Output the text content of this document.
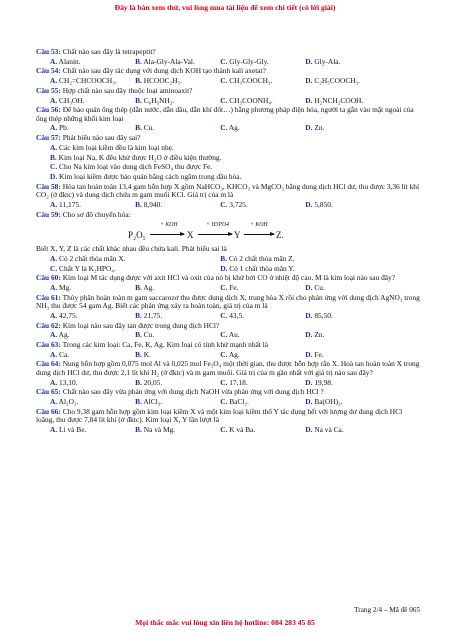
Đây là bản xem thử, vui lòng mua tài liệu để xem chi tiết (có lời giải)
Câu 53: Chất nào sau đây là tetrapeptit?
A. Alanin.	B. Ala-Gly-Ala-Val.	C. Gly-Gly-Gly.	D. Gly-Ala.
Câu 54: Chất nào sau đây tác dụng với dung dịch KOH tạo thành kali axetat?
A. CH₂=CHCOOCH₃.	B. HCOOC₂H₅.	C. CH₃COOCH₃.	D. C₂H₅COOCH₃.
Câu 55: Hợp chất nào sau đây thuộc loại aminoaxit?
A. CH₃OH.	B. C₆H₅NH₂.	C. CH₃COONH₄.	D. H₂NCH₂COOH.
Câu 56: Để bảo quản ống thép (dẫn nước, dẫn dầu, dẫn khí đốt…) bằng phương pháp điện hóa, người ta gắn vào mặt ngoài của ống thép những khối kim loại
A. Pb.	B. Cu.	C. Ag.	D. Zn.
Câu 57: Phát biểu nào sau đây sai?
A. Các kim loại kiềm đều là kim loại nhẹ.
B. Kim loại Na, K đều khử được H₂O ở điều kiện thường.
C. Cho Na kim loại vào dung dịch FeSO₄ thu được Fe.
D. Kim loại kiềm được bảo quản bằng cách ngâm trong dầu hỏa.
Câu 58: Hòa tan hoàn toàn 13,4 gam hỗn hợp X gồm NaHCO₃, KHCO₃ và MgCO₃ bằng dung dịch HCl dư, thu được 3,36 lít khí CO₂ (ở đktc) và dung dịch chứa m gam muối KCl. Giá trị của m là
A. 11,175.	B. 8,940.	C. 3,725.	D. 5,850.
Câu 59: Cho sơ đồ chuyển hóa:
P₂O₅
+ KOH
X
+ H3PO4
Y
+ KOH
Z.
Biết X, Y, Z là các chất khác nhau đều chứa kali. Phát biểu sai là
A. Có 2 chất thỏa mãn X.	B. Có 2 chất thỏa mãn Z.
C. Chất Y là K₂HPO₄.	D. Có 1 chất thỏa mãn Y.
Câu 60: Kim loại M tác dụng được với axit HCl và oxit của nó bị khử bởi CO ở nhiệt độ cao. M là kim loại nào sau đây?
A. Mg.	B. Ag.	C. Fe.	D. Cu.
Câu 61: Thủy phân hoàn toàn m gam saccarozơ thu được dung dịch X, trung hòa X rồi cho phản ứng với dung dịch AgNO₃ trong NH₃ thu được 54 gam Ag. Biết các phản ứng xảy ra hoàn toàn, giá trị của m là
A. 42,75.	B. 21,75.	C. 43,5.	D. 85,50.
Câu 62: Kim loại nào sau đây tan được trong dung dịch HCl?
A. Ag.	B. Cu.	C. Au.	D. Zn.
Câu 63: Trong các kim loại: Ca, Fe, K, Ag. Kim loại có tính khử mạnh nhất là
A. Ca.	B. K.	C. Ag.	D. Fe.
Câu 64: Nung hỗn hợp gồm 0,075 mol Al và 0,025 mol Fe₃O₄ một thời gian, thu được hỗn hợp rắn X. Hoà tan hoàn toàn X trong dung dịch HCl dư, thu được 2,1 lít khí H₂ (ở đktc) và m gam muối. Giá trị của m gần nhất với giá trị nào sau đây?
A. 13,10.	B. 20,05.	C. 17,18.	D. 19,98.
Câu 65: Chất nào sau đây vừa phản ứng với dung dịch NaOH vừa phản ứng với dung dịch HCl ?
A. Al₂O₃.	B. AlCl₃.	C. BaCl₂.	D. Ba(OH)₂.
Câu 66: Cho 9,38 gam hỗn hợp gồm kim loại kiềm X và một kim loại kiềm thổ Y tác dụng hết với lượng dư dung dịch HCl loãng, thu được 7,84 lít khí (ở đktc). Kim loại X, Y lần lượt là
A. Li và Be.	B. Na và Mg.	C. K và Ba.	D. Na và Ca.
Trang 2/4 – Mã đề 065
Mọi thắc mắc vui lòng xin liên hệ hotline: 084 283 45 85
